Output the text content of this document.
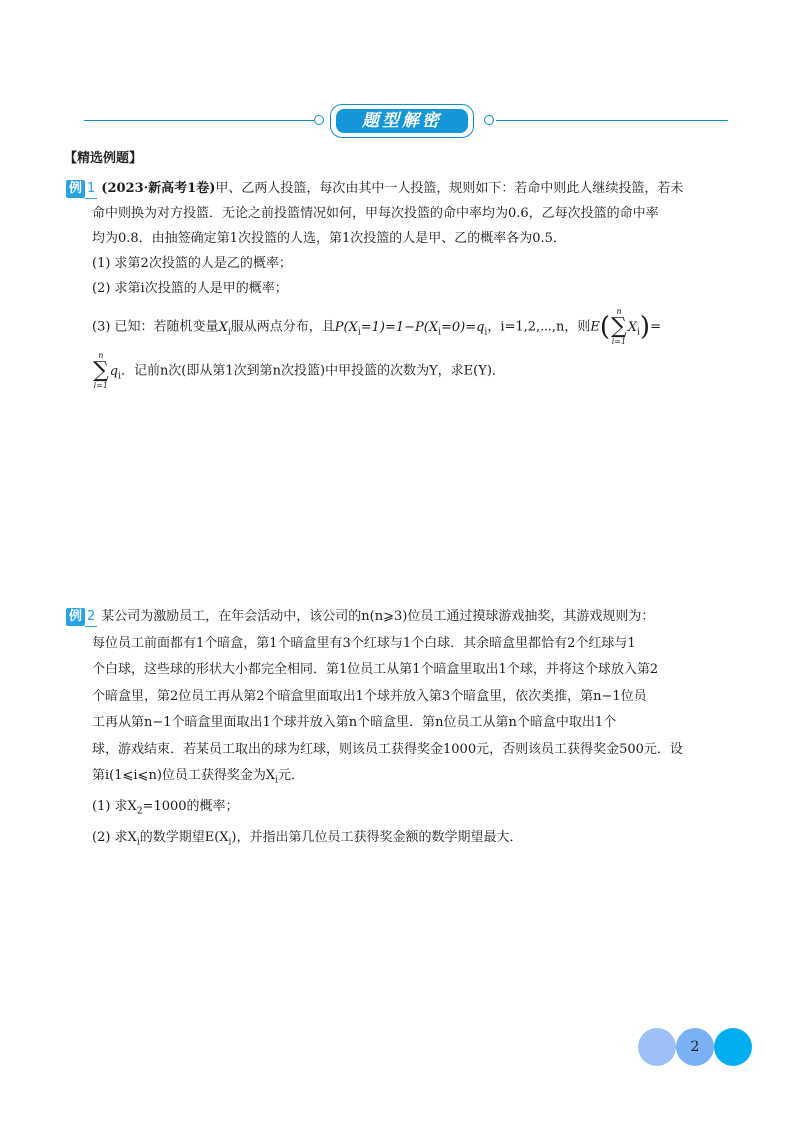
题型解密
【精选例题】

例 1 (2023·新高考1卷)甲、乙两人投篮，每次由其中一人投篮，规则如下：若命中则此人继续投篮，若未

命中则换为对方投篮．无论之前投篮情况如何，甲每次投篮的命中率均为0.6，乙每次投篮的命中率

均为0.8．由抽签确定第1次投篮的人选，第1次投篮的人是甲、乙的概率各为0.5．

(1) 求第2次投篮的人是乙的概率；

(2) 求第i次投篮的人是甲的概率；

(3) 已知：若随机变量$X_i$服从两点分布，且$P(X_i=1)=1-P(X_i=0)=q_i$，i=1,2,⋯,n，则E(
n
∑
i=1
$X_i)=$

n
∑
i=1
$q_i$．记前n次(即从第1次到第n次投篮)中甲投篮的次数为Y，求E(Y)．

例 2 某公司为激励员工，在年会活动中，该公司的n(n⩾3)位员工通过摸球游戏抽奖，其游戏规则为：

每位员工前面都有1个暗盒，第1个暗盒里有3个红球与1个白球．其余暗盒里都恰有2个红球与1

个白球，这些球的形状大小都完全相同．第1位员工从第1个暗盒里取出1个球，并将这个球放入第2

个暗盒里，第2位员工再从第2个暗盒里面取出1个球并放入第3个暗盒里，依次类推，第n−1位员

工再从第n−1个暗盒里面取出1个球并放入第n个暗盒里．第n位员工从第n个暗盒中取出1个

球，游戏结束．若某员工取出的球为红球，则该员工获得奖金1000元，否则该员工获得奖金500元．设

第i(1⩽i⩽n)位员工获得奖金为$X_i$元．

(1) 求$X_2=1000$的概率；

(2) 求$X_i$的数学期望$E(X_i)$，并指出第几位员工获得奖金额的数学期望最大．

2
